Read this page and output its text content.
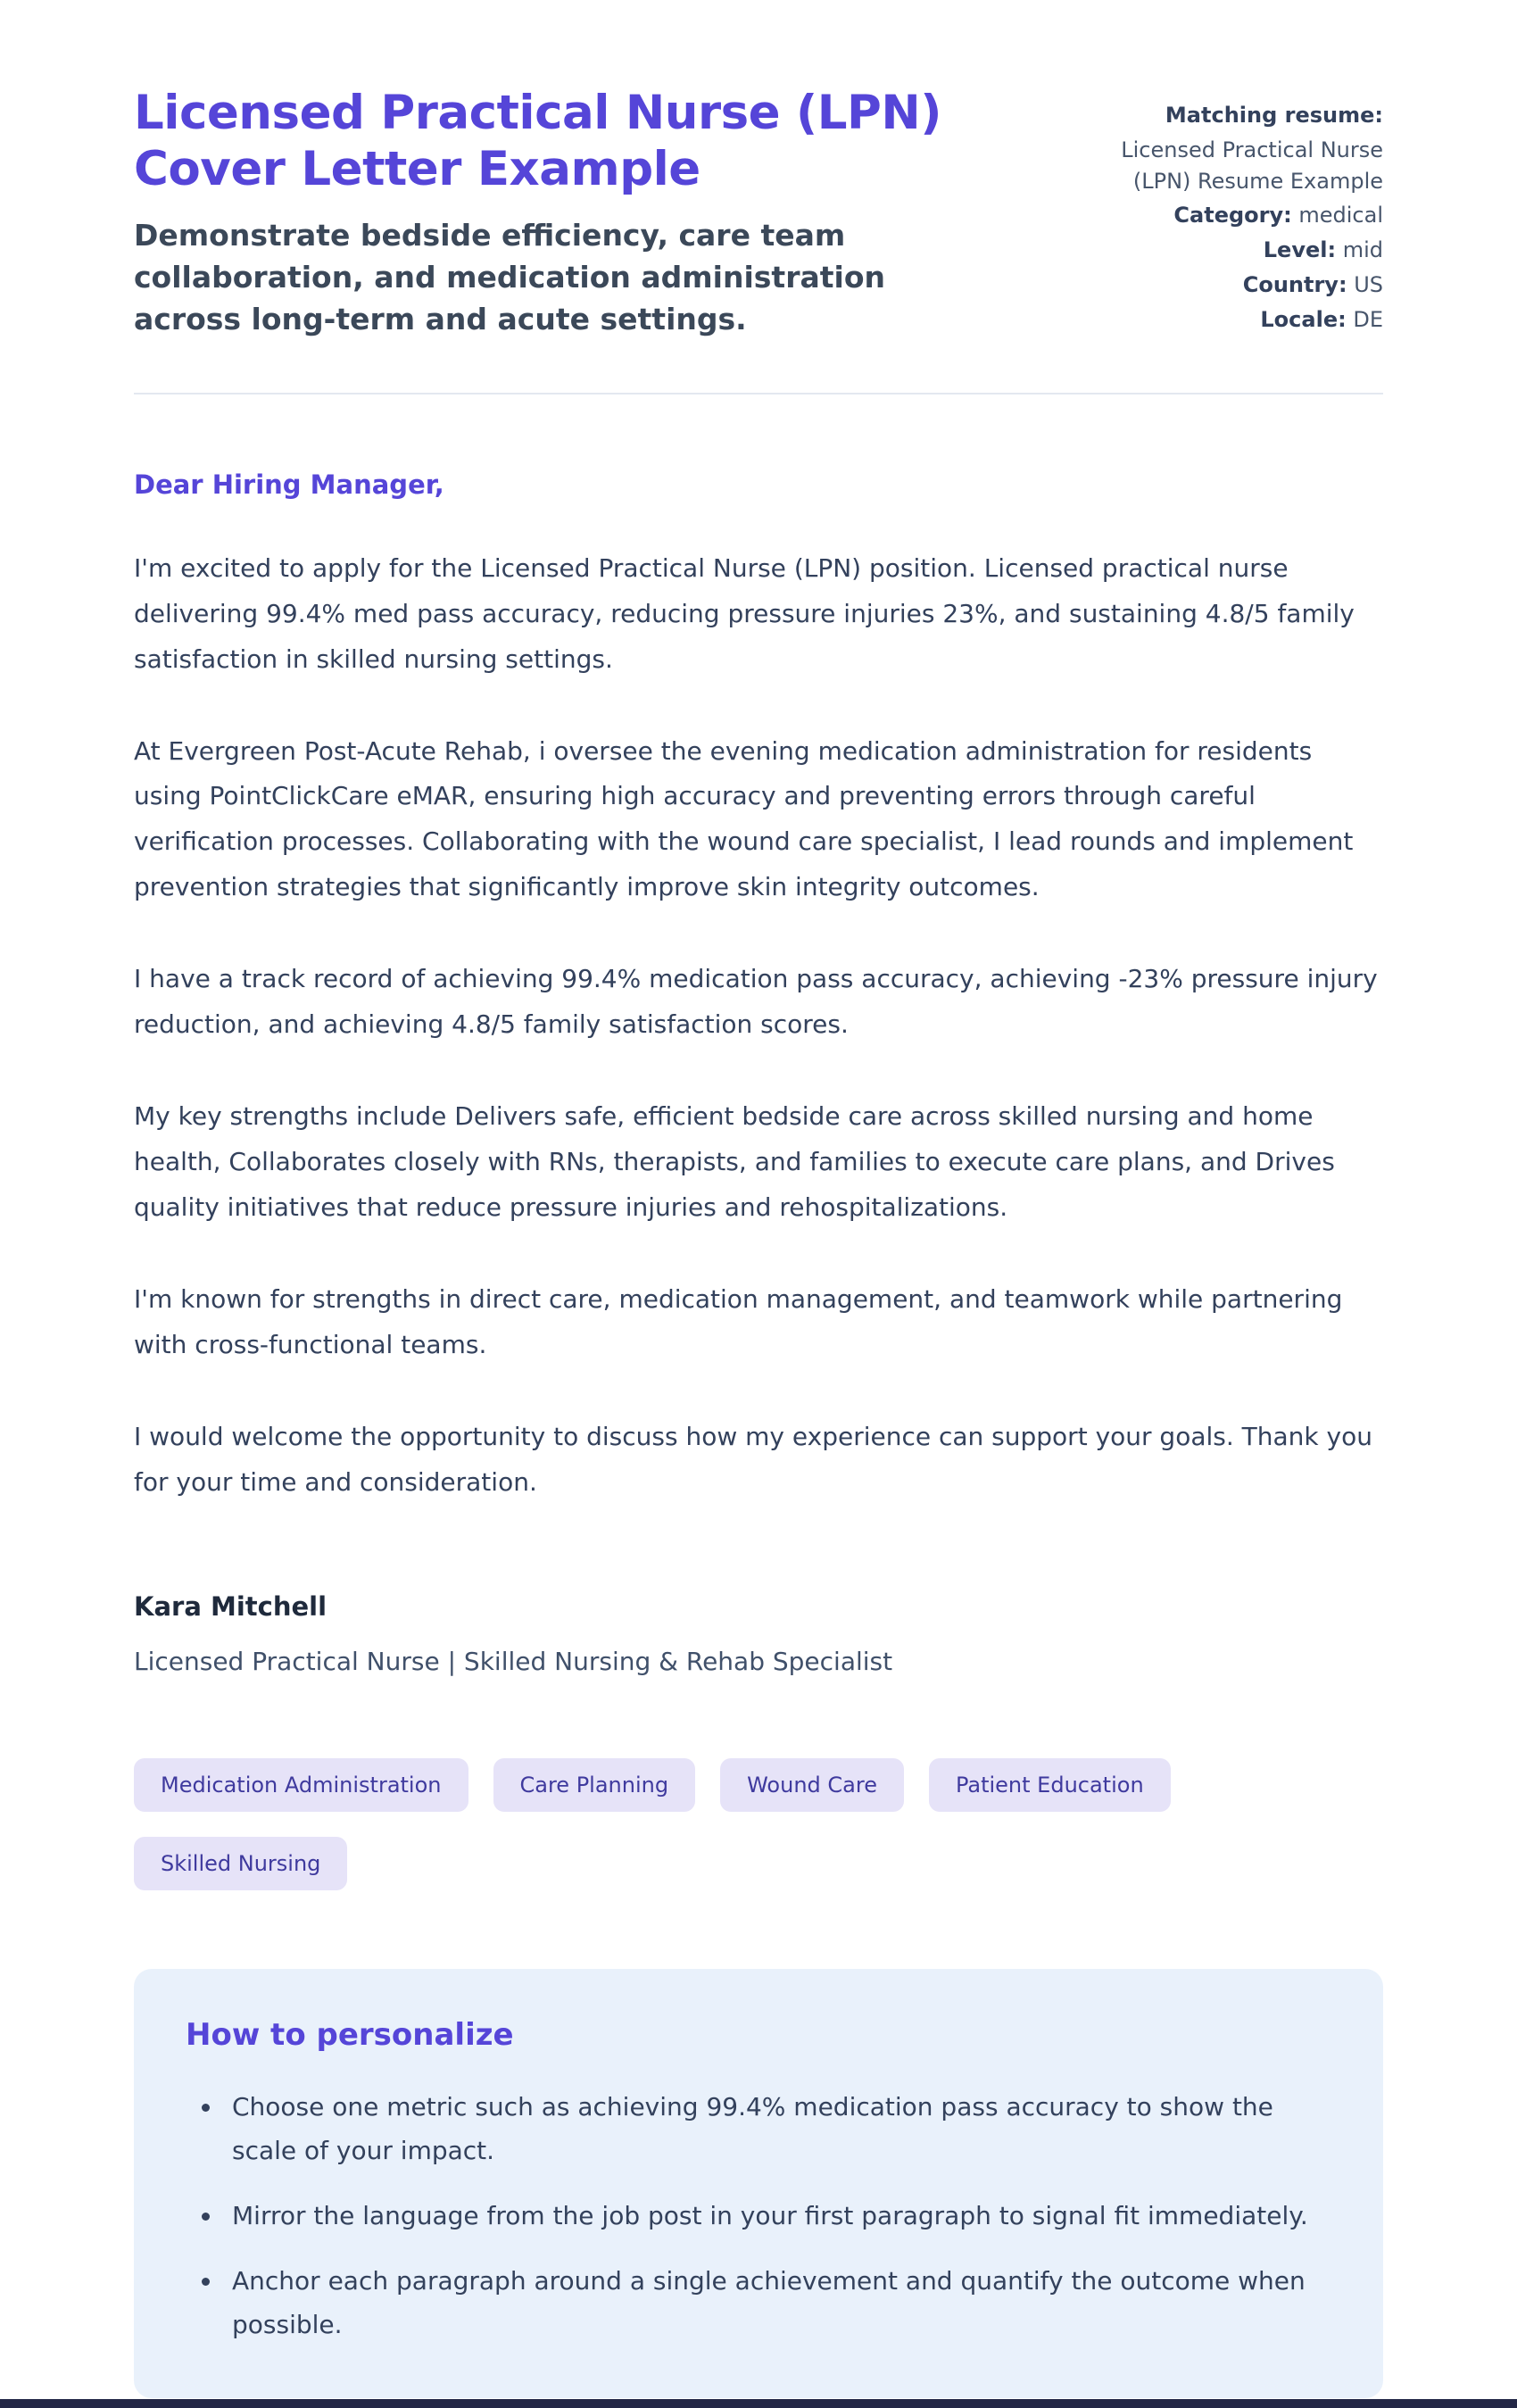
Licensed Practical Nurse (LPN) Cover Letter Example
Demonstrate bedside efficiency, care team collaboration, and medication administration across long-term and acute settings.
Matching resume:
Licensed Practical Nurse (LPN) Resume Example
Category: medical
Level: mid
Country: US
Locale: DE
Dear Hiring Manager,

I'm excited to apply for the Licensed Practical Nurse (LPN) position. Licensed practical nurse delivering 99.4% med pass accuracy, reducing pressure injuries 23%, and sustaining 4.8/5 family satisfaction in skilled nursing settings.

At Evergreen Post-Acute Rehab, i oversee the evening medication administration for residents using PointClickCare eMAR, ensuring high accuracy and preventing errors through careful verification processes. Collaborating with the wound care specialist, I lead rounds and implement prevention strategies that significantly improve skin integrity outcomes.

I have a track record of achieving 99.4% medication pass accuracy, achieving -23% pressure injury reduction, and achieving 4.8/5 family satisfaction scores.

My key strengths include Delivers safe, efficient bedside care across skilled nursing and home health, Collaborates closely with RNs, therapists, and families to execute care plans, and Drives quality initiatives that reduce pressure injuries and rehospitalizations.

I'm known for strengths in direct care, medication management, and teamwork while partnering with cross-functional teams.

I would welcome the opportunity to discuss how my experience can support your goals. Thank you for your time and consideration.

Kara Mitchell
Licensed Practical Nurse | Skilled Nursing & Rehab Specialist
Medication Administration	Care Planning	Wound Care	Patient Education
Skilled Nursing
How to personalize
• Choose one metric such as achieving 99.4% medication pass accuracy to show the scale of your impact.
• Mirror the language from the job post in your first paragraph to signal fit immediately.
• Anchor each paragraph around a single achievement and quantify the outcome when possible.
